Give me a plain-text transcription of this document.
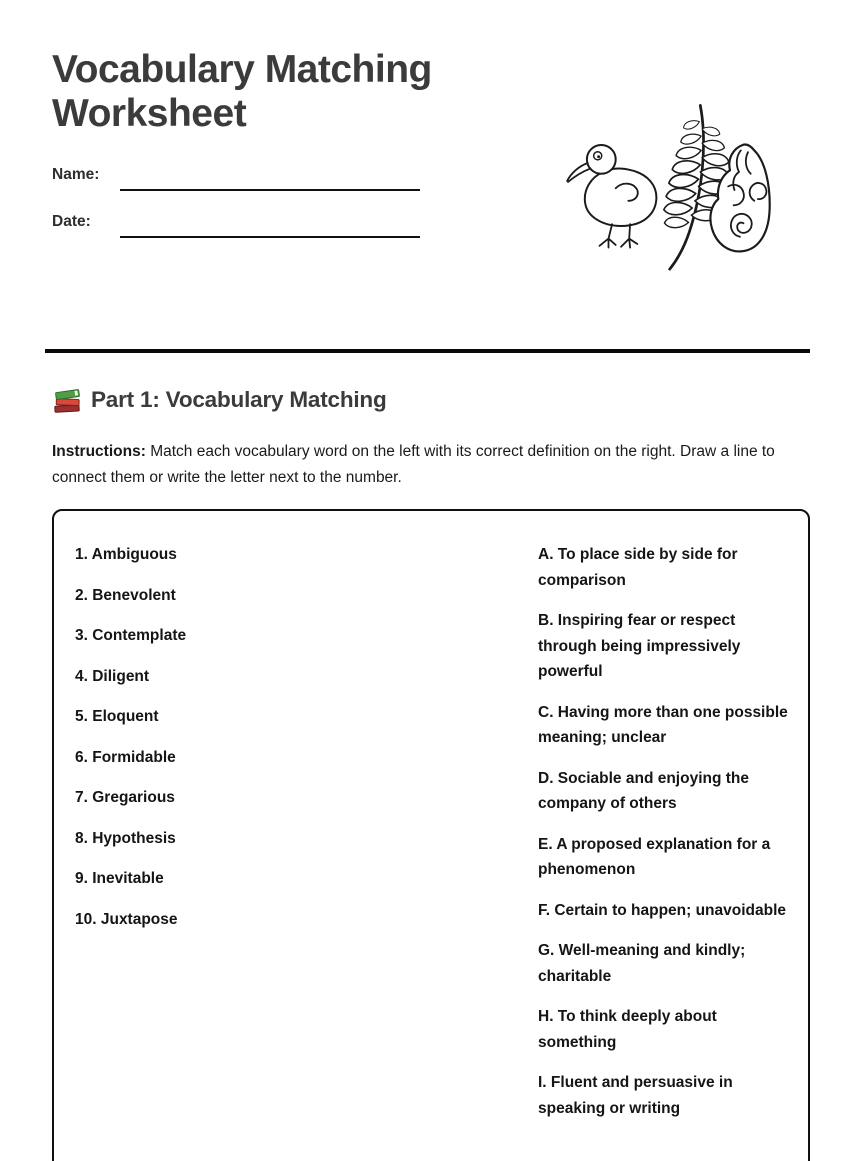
Vocabulary Matching Worksheet
Name:
Date:
Part 1: Vocabulary Matching

Instructions: Match each vocabulary word on the left with its correct definition on the right. Draw a line to connect them or write the letter next to the number.

1. Ambiguous

2. Benevolent

3. Contemplate

4. Diligent

5. Eloquent

6. Formidable

7. Gregarious

8. Hypothesis

9. Inevitable

10. Juxtapose

A. To place side by side for comparison

B. Inspiring fear or respect through being impressively powerful

C. Having more than one possible meaning; unclear

D. Sociable and enjoying the company of others

E. A proposed explanation for a phenomenon

F. Certain to happen; unavoidable

G. Well-meaning and kindly; charitable

H. To think deeply about something

I. Fluent and persuasive in speaking or writing
